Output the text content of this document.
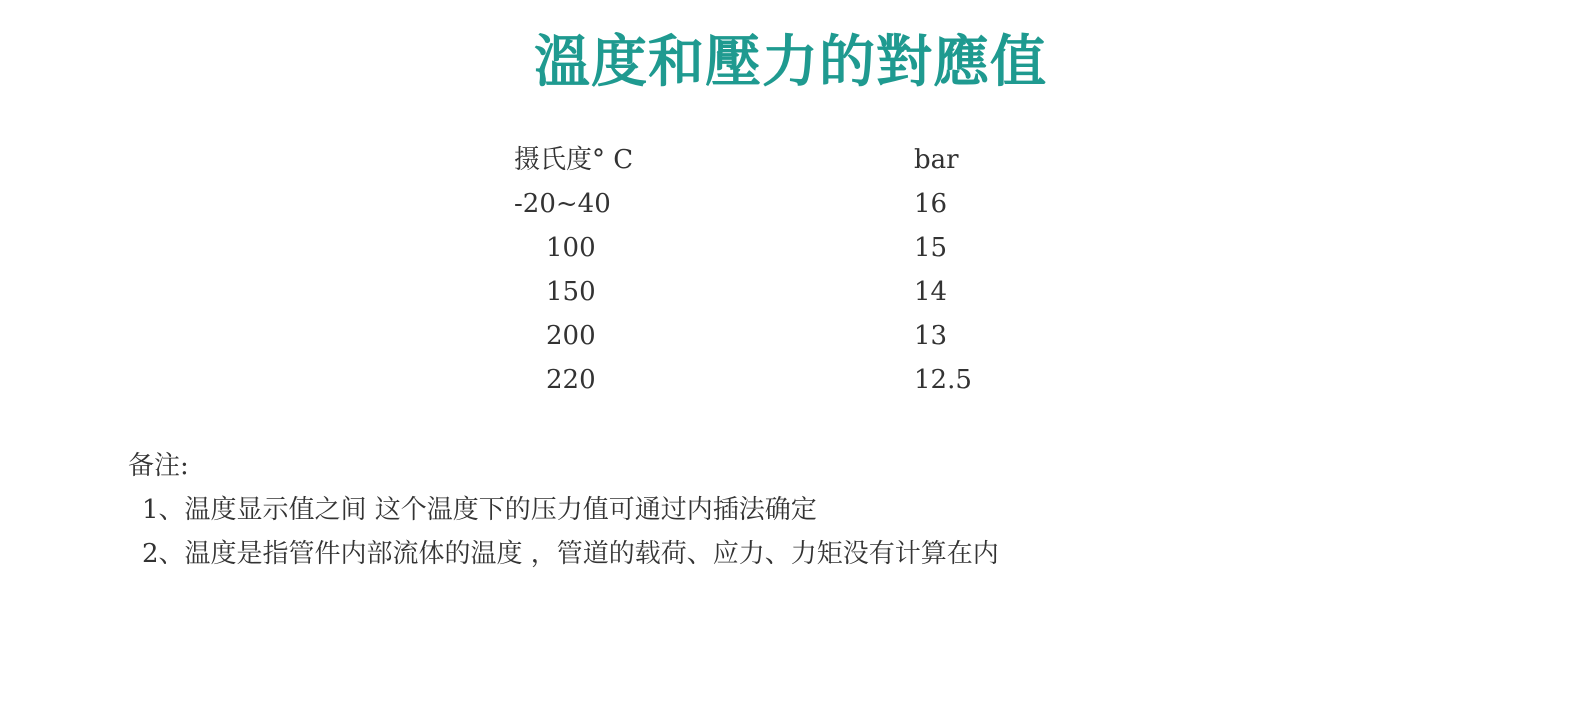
溫度和壓力的對應值
摄氏度° C	bar
-20~40	16
100	15
150	14
200	13
220	12.5
备注:
1、温度显示值之间 这个温度下的压力值可通过内插法确定
2、温度是指管件内部流体的温度 ，管道的载荷、应力、力矩没有计算在内
